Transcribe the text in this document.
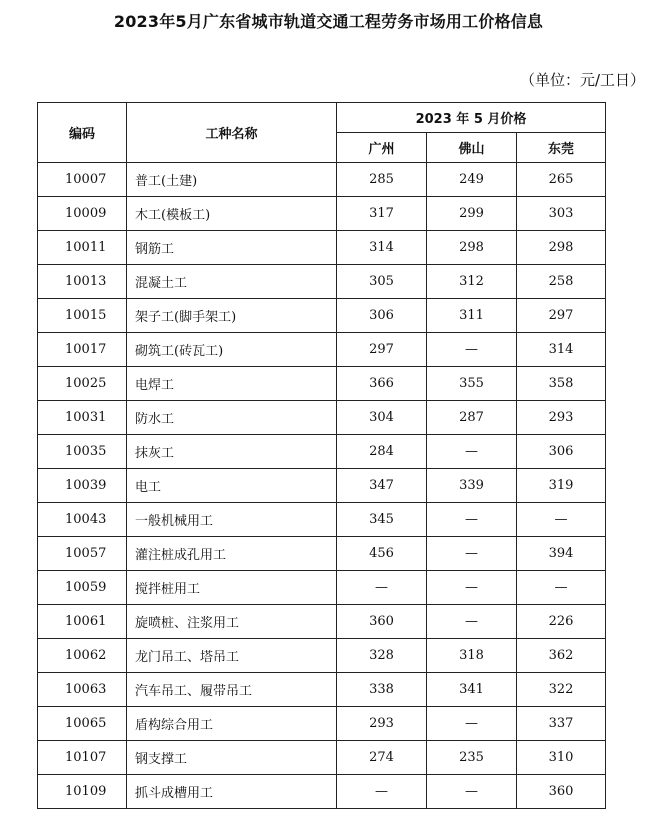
2023年5月广东省城市轨道交通工程劳务市场用工价格信息
（单位：元/工日）
编码	工种名称	2023 年 5 月价格		
		广州	佛山	东莞
10007	普工(土建)	285	249	265
10009	木工(模板工)	317	299	303
10011	钢筋工	314	298	298
10013	混凝土工	305	312	258
10015	架子工(脚手架工)	306	311	297
10017	砌筑工(砖瓦工)	297	—	314
10025	电焊工	366	355	358
10031	防水工	304	287	293
10035	抹灰工	284	—	306
10039	电工	347	339	319
10043	一般机械用工	345	—	—
10057	灌注桩成孔用工	456	—	394
10059	搅拌桩用工	—	—	—
10061	旋喷桩、注浆用工	360	—	226
10062	龙门吊工、塔吊工	328	318	362
10063	汽车吊工、履带吊工	338	341	322
10065	盾构综合用工	293	—	337
10107	钢支撑工	274	235	310
10109	抓斗成槽用工	—	—	360
